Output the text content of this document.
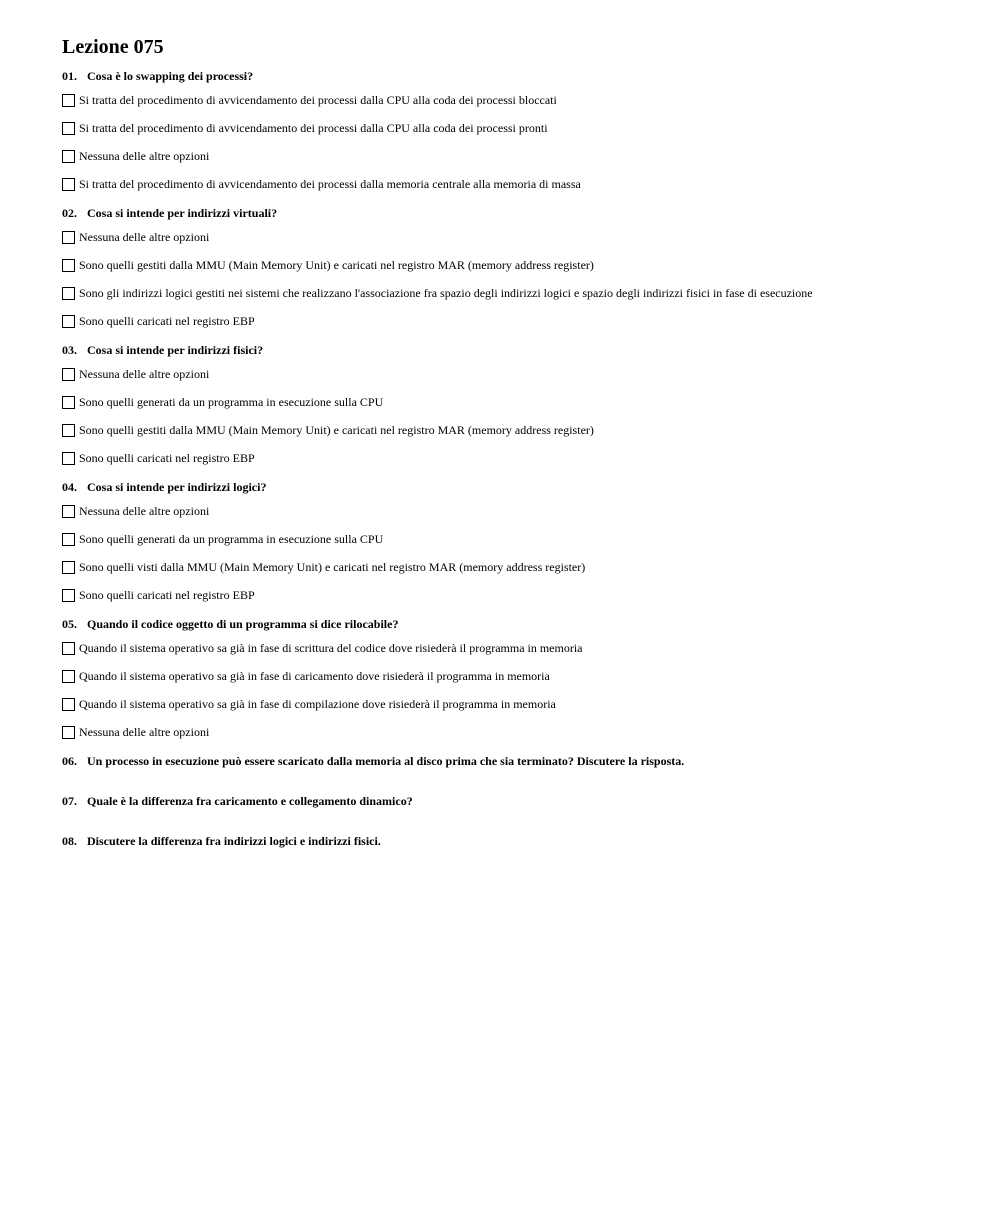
Lezione 075
01. Cosa è lo swapping dei processi?
Si tratta del procedimento di avvicendamento dei processi dalla CPU alla coda dei processi bloccati
Si tratta del procedimento di avvicendamento dei processi dalla CPU alla coda dei processi pronti
Nessuna delle altre opzioni
Si tratta del procedimento di avvicendamento dei processi dalla memoria centrale alla memoria di massa
02. Cosa si intende per indirizzi virtuali?
Nessuna delle altre opzioni
Sono quelli gestiti dalla MMU (Main Memory Unit) e caricati nel registro MAR (memory address register)
Sono gli indirizzi logici gestiti nei sistemi che realizzano l'associazione fra spazio degli indirizzi logici e spazio degli indirizzi fisici in fase di esecuzione
Sono quelli caricati nel registro EBP
03. Cosa si intende per indirizzi fisici?
Nessuna delle altre opzioni
Sono quelli generati da un programma in esecuzione sulla CPU
Sono quelli gestiti dalla MMU (Main Memory Unit) e caricati nel registro MAR (memory address register)
Sono quelli caricati nel registro EBP
04. Cosa si intende per indirizzi logici?
Nessuna delle altre opzioni
Sono quelli generati da un programma in esecuzione sulla CPU
Sono quelli visti dalla MMU (Main Memory Unit) e caricati nel registro MAR (memory address register)
Sono quelli caricati nel registro EBP
05. Quando il codice oggetto di un programma si dice rilocabile?
Quando il sistema operativo sa già in fase di scrittura del codice dove risiederà il programma in memoria
Quando il sistema operativo sa già in fase di caricamento dove risiederà il programma in memoria
Quando il sistema operativo sa già in fase di compilazione dove risiederà il programma in memoria
Nessuna delle altre opzioni
06. Un processo in esecuzione può essere scaricato dalla memoria al disco prima che sia terminato? Discutere la risposta.
07. Quale è la differenza fra caricamento e collegamento dinamico?
08. Discutere la differenza fra indirizzi logici e indirizzi fisici.
